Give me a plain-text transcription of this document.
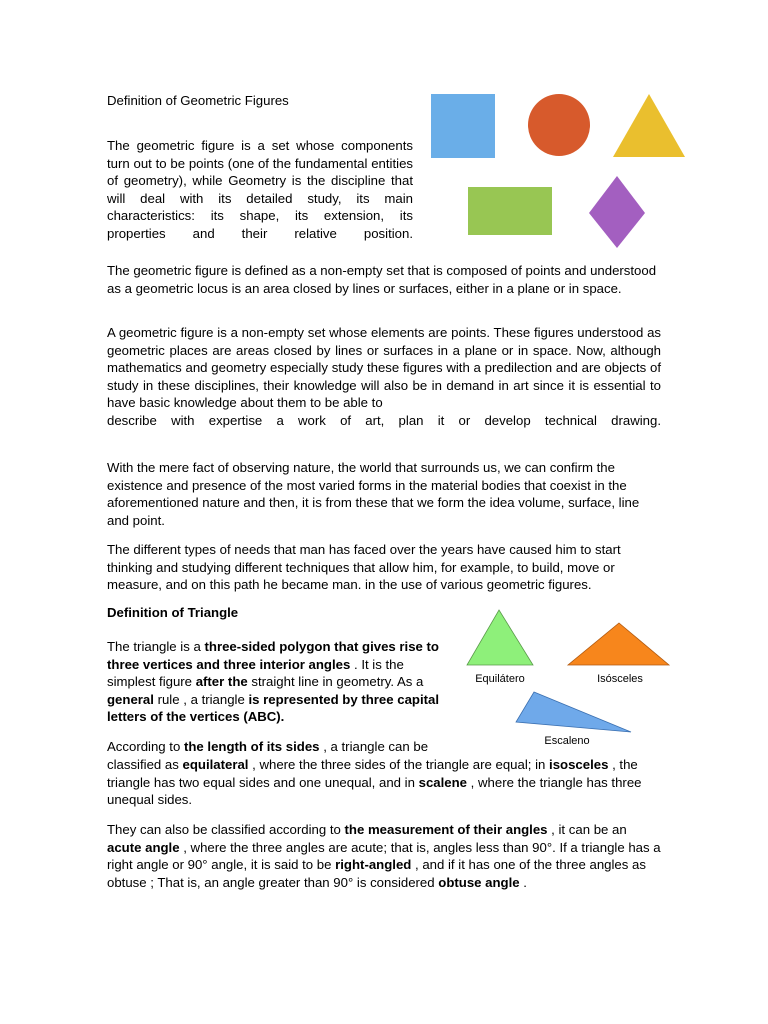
Definition of Geometric Figures
The geometric figure is a set whose components turn out to be points (one of the fundamental entities of geometry), while Geometry is the discipline that will deal with its detailed study, its main characteristics: its shape, its extension, its properties and their relative position.
The geometric figure is defined as a non-empty set that is composed of points and understood as a geometric locus is an area closed by lines or surfaces, either in a plane or in space.
A geometric figure is a non-empty set whose elements are points. These figures understood as geometric places are areas closed by lines or surfaces in a plane or in space. Now, although mathematics and geometry especially study these figures with a predilection and are objects of study in these disciplines, their knowledge will also be in demand in art since it is essential to have basic knowledge about them to be able to
describe with expertise a work of art, plan it or develop technical drawing.
With the mere fact of observing nature, the world that surrounds us, we can confirm the existence and presence of the most varied forms in the material bodies that coexist in the aforementioned nature and then, it is from these that we form the idea volume, surface, line and point.
The different types of needs that man has faced over the years have caused him to start thinking and studying different techniques that allow him, for example, to build, move or measure, and on this path he became man. in the use of various geometric figures.
Definition of Triangle
The triangle is a three-sided polygon that gives rise to three vertices and three interior angles . It is the simplest figure after the straight line in geometry. As a general rule , a triangle is represented by three capital letters of the vertices (ABC).
Equilátero	Isósceles
Escaleno
According to the length of its sides , a triangle can be
classified as equilateral , where the three sides of the triangle are equal; in isosceles , the triangle has two equal sides and one unequal, and in scalene , where the triangle has three unequal sides.
They can also be classified according to the measurement of their angles , it can be an acute angle , where the three angles are acute; that is, angles less than 90°. If a triangle has a right angle or 90° angle, it is said to be right-angled , and if it has one of the three angles as obtuse ; That is, an angle greater than 90° is considered obtuse angle .
